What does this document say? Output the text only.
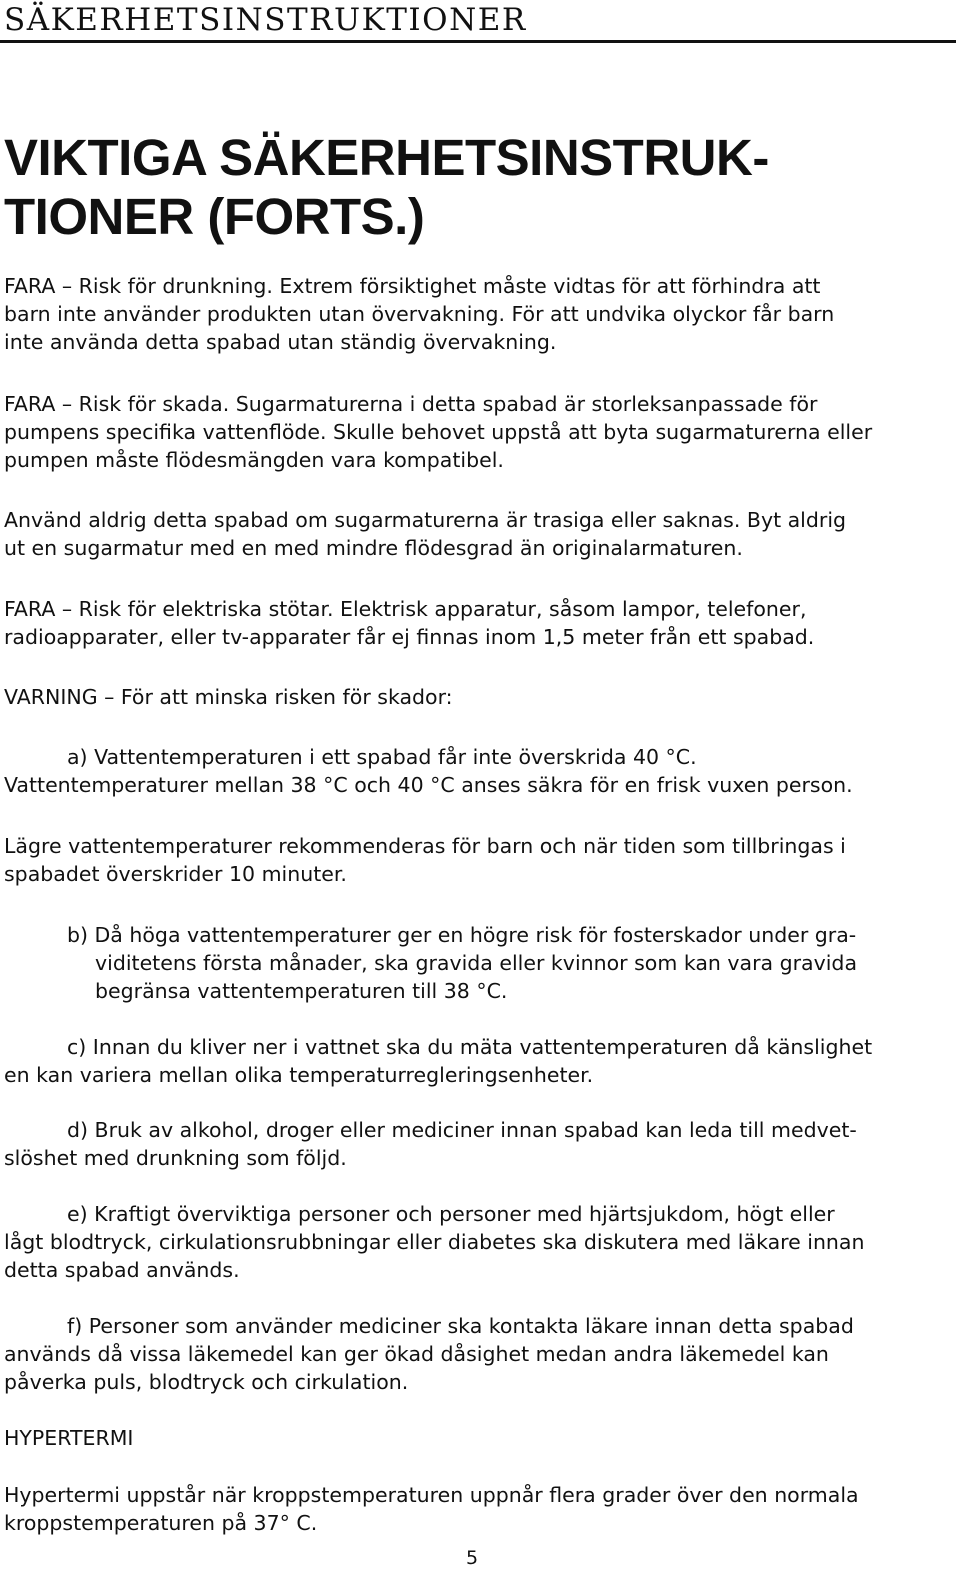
SÄKERHETSINSTRUKTIONER
VIKTIGA SÄKERHETSINSTRUK-
TIONER (FORTS.)
FARA – Risk för drunkning. Extrem försiktighet måste vidtas för att förhindra att
barn inte använder produkten utan övervakning. För att undvika olyckor får barn
inte använda detta spabad utan ständig övervakning.
FARA – Risk för skada. Sugarmaturerna i detta spabad är storleksanpassade för
pumpens specifika vattenflöde. Skulle behovet uppstå att byta sugarmaturerna eller
pumpen måste flödesmängden vara kompatibel.
Använd aldrig detta spabad om sugarmaturerna är trasiga eller saknas. Byt aldrig
ut en sugarmatur med en med mindre flödesgrad än originalarmaturen.
FARA – Risk för elektriska stötar. Elektrisk apparatur, såsom lampor, telefoner,
radioapparater, eller tv-apparater får ej finnas inom 1,5 meter från ett spabad.
VARNING – För att minska risken för skador:
a) Vattentemperaturen i ett spabad får inte överskrida 40 °C.
Vattentemperaturer mellan 38 °C och 40 °C anses säkra för en frisk vuxen person.
Lägre vattentemperaturer rekommenderas för barn och när tiden som tillbringas i
spabadet överskrider 10 minuter.
b) Då höga vattentemperaturer ger en högre risk för fosterskador under gra-
viditetens första månader, ska gravida eller kvinnor som kan vara gravida
begränsa vattentemperaturen till 38 °C.
c) Innan du kliver ner i vattnet ska du mäta vattentemperaturen då känslighet
en kan variera mellan olika temperaturregleringsenheter.
d) Bruk av alkohol, droger eller mediciner innan spabad kan leda till medvet-
slöshet med drunkning som följd.
e) Kraftigt överviktiga personer och personer med hjärtsjukdom, högt eller
lågt blodtryck, cirkulationsrubbningar eller diabetes ska diskutera med läkare innan
detta spabad används.
f) Personer som använder mediciner ska kontakta läkare innan detta spabad
används då vissa läkemedel kan ger ökad dåsighet medan andra läkemedel kan
påverka puls, blodtryck och cirkulation.
HYPERTERMI
Hypertermi uppstår när kroppstemperaturen uppnår flera grader över den normala
kroppstemperaturen på 37° C.
5
